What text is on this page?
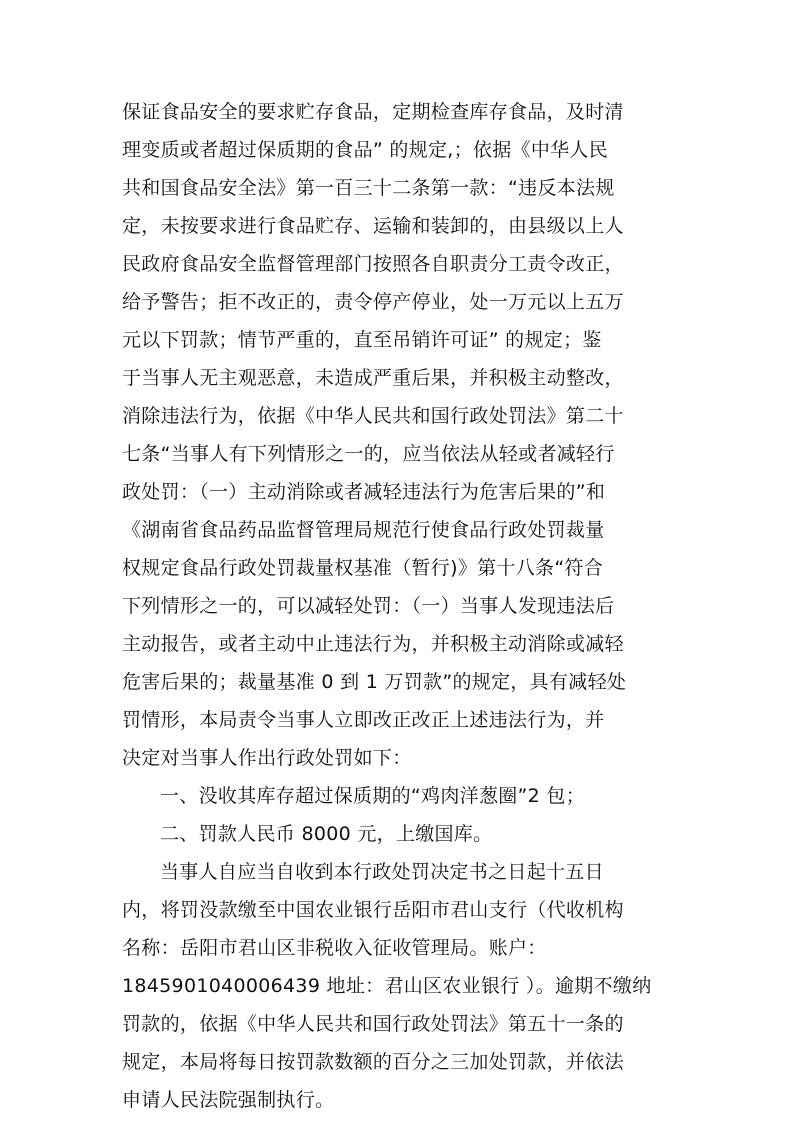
保证食品安全的要求贮存食品，定期检查库存食品，及时清
理变质或者超过保质期的食品” 的规定,；依据《中华人民
共和国食品安全法》第一百三十二条第一款：“违反本法规
定，未按要求进行食品贮存、运输和装卸的，由县级以上人
民政府食品安全监督管理部门按照各自职责分工责令改正，
给予警告；拒不改正的，责令停产停业，处一万元以上五万
元以下罚款；情节严重的，直至吊销许可证” 的规定；鉴
于当事人无主观恶意，未造成严重后果，并积极主动整改，
消除违法行为，依据《中华人民共和国行政处罚法》第二十
七条“当事人有下列情形之一的，应当依法从轻或者减轻行
政处罚：（一）主动消除或者减轻违法行为危害后果的”和
《湖南省食品药品监督管理局规范行使食品行政处罚裁量
权规定食品行政处罚裁量权基准（暂行)》第十八条“符合
下列情形之一的，可以减轻处罚：（一）当事人发现违法后
主动报告，或者主动中止违法行为，并积极主动消除或减轻
危害后果的；裁量基准 0 到 1 万罚款”的规定，具有减轻处
罚情形，本局责令当事人立即改正改正上述违法行为，并
决定对当事人作出行政处罚如下：
一、没收其库存超过保质期的“鸡肉洋葱圈”2 包；
二、罚款人民币 8000 元，上缴国库。
当事人自应当自收到本行政处罚决定书之日起十五日
内，将罚没款缴至中国农业银行岳阳市君山支行（代收机构
名称：岳阳市君山区非税收入征收管理局。账户：
1845901040006439 地址：君山区农业银行 ）。逾期不缴纳
罚款的，依据《中华人民共和国行政处罚法》第五十一条的
规定，本局将每日按罚款数额的百分之三加处罚款，并依法
申请人民法院强制执行。
